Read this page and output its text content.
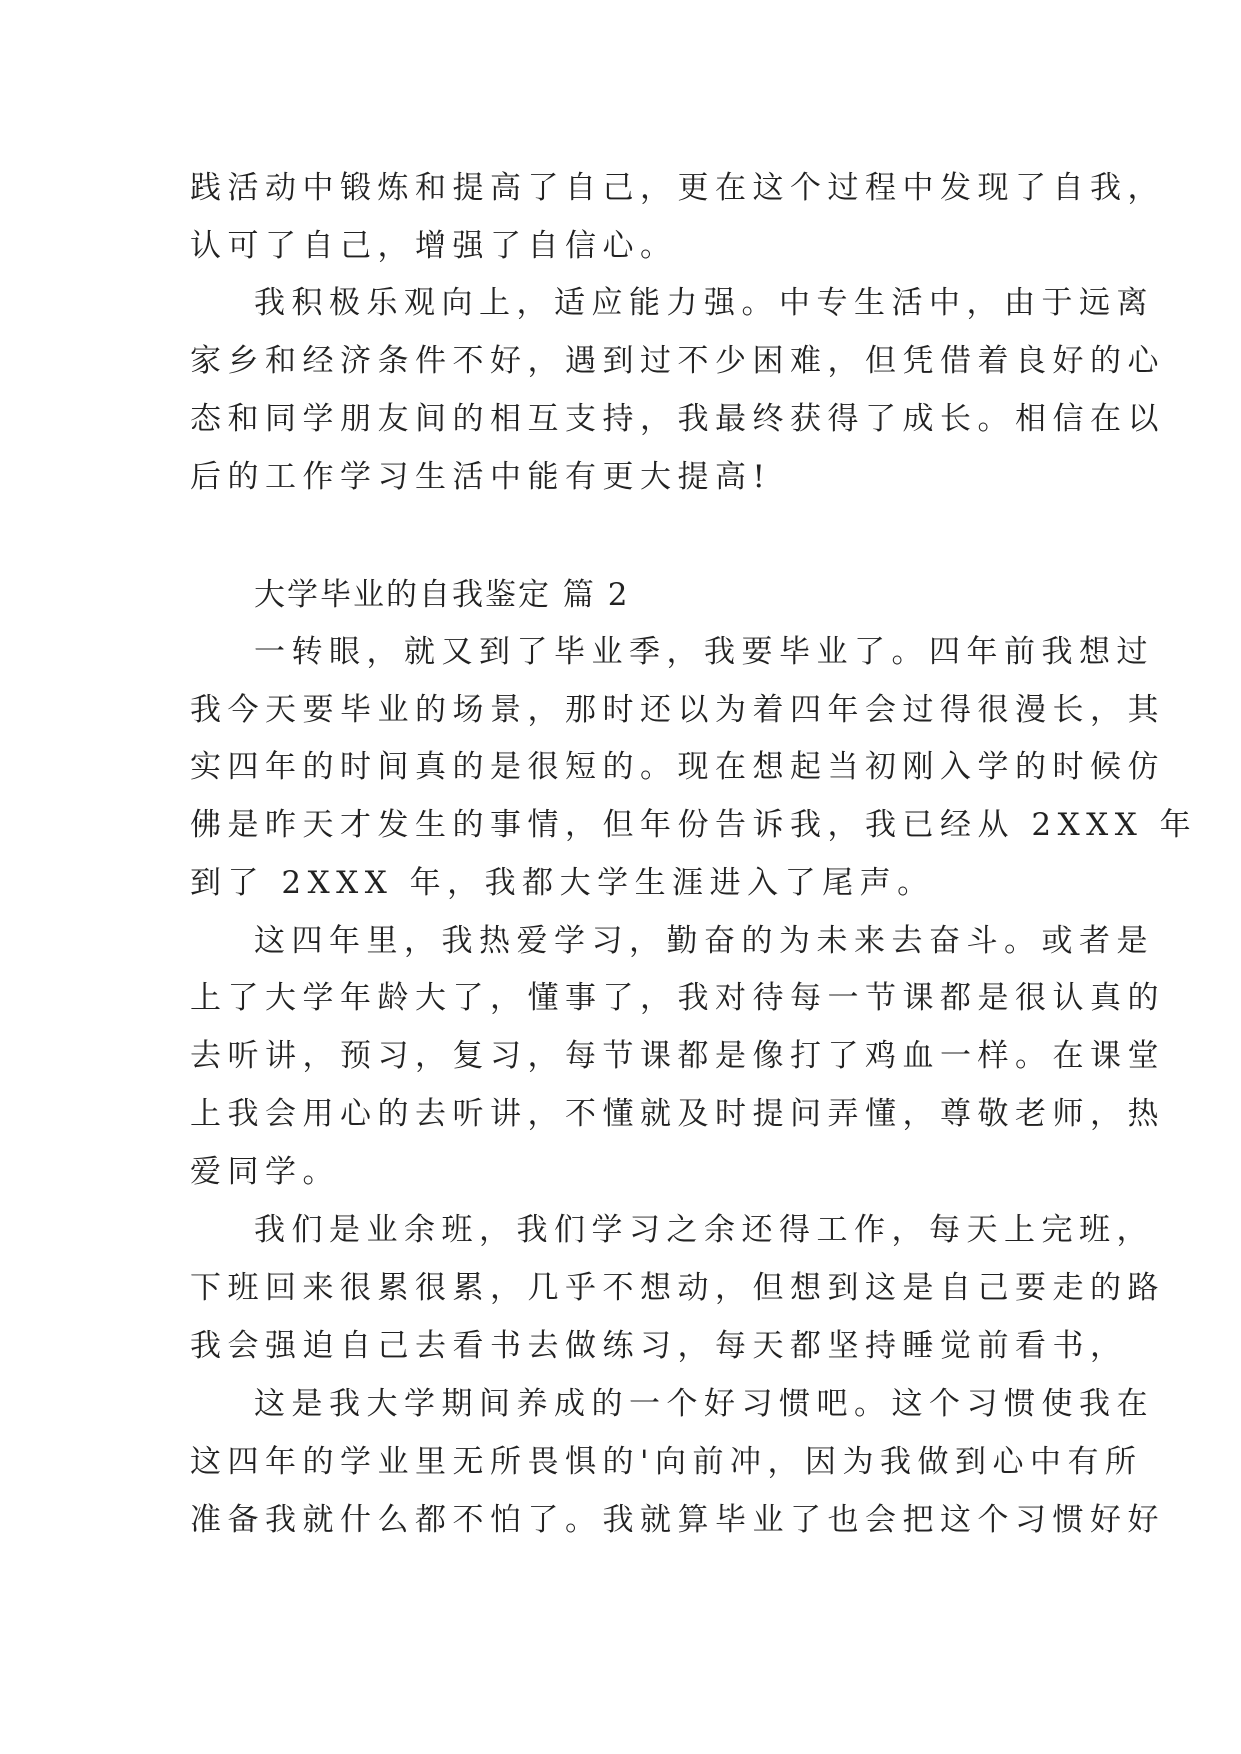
践活动中锻炼和提高了自己，更在这个过程中发现了自我，
认可了自己，增强了自信心。
我积极乐观向上，适应能力强。中专生活中，由于远离
家乡和经济条件不好，遇到过不少困难，但凭借着良好的心
态和同学朋友间的相互支持，我最终获得了成长。相信在以
后的工作学习生活中能有更大提高!
大学毕业的自我鉴定 篇 2
一转眼，就又到了毕业季，我要毕业了。四年前我想过
我今天要毕业的场景，那时还以为着四年会过得很漫长，其
实四年的时间真的是很短的。现在想起当初刚入学的时候仿
佛是昨天才发生的事情，但年份告诉我，我已经从 2XXX 年
到了 2XXX 年，我都大学生涯进入了尾声。
这四年里，我热爱学习，勤奋的为未来去奋斗。或者是
上了大学年龄大了，懂事了，我对待每一节课都是很认真的
去听讲，预习，复习，每节课都是像打了鸡血一样。在课堂
上我会用心的去听讲，不懂就及时提问弄懂，尊敬老师，热
爱同学。
我们是业余班，我们学习之余还得工作，每天上完班，
下班回来很累很累，几乎不想动，但想到这是自己要走的路
我会强迫自己去看书去做练习，每天都坚持睡觉前看书，
这是我大学期间养成的一个好习惯吧。这个习惯使我在
这四年的学业里无所畏惧的'向前冲，因为我做到心中有所
准备我就什么都不怕了。我就算毕业了也会把这个习惯好好
